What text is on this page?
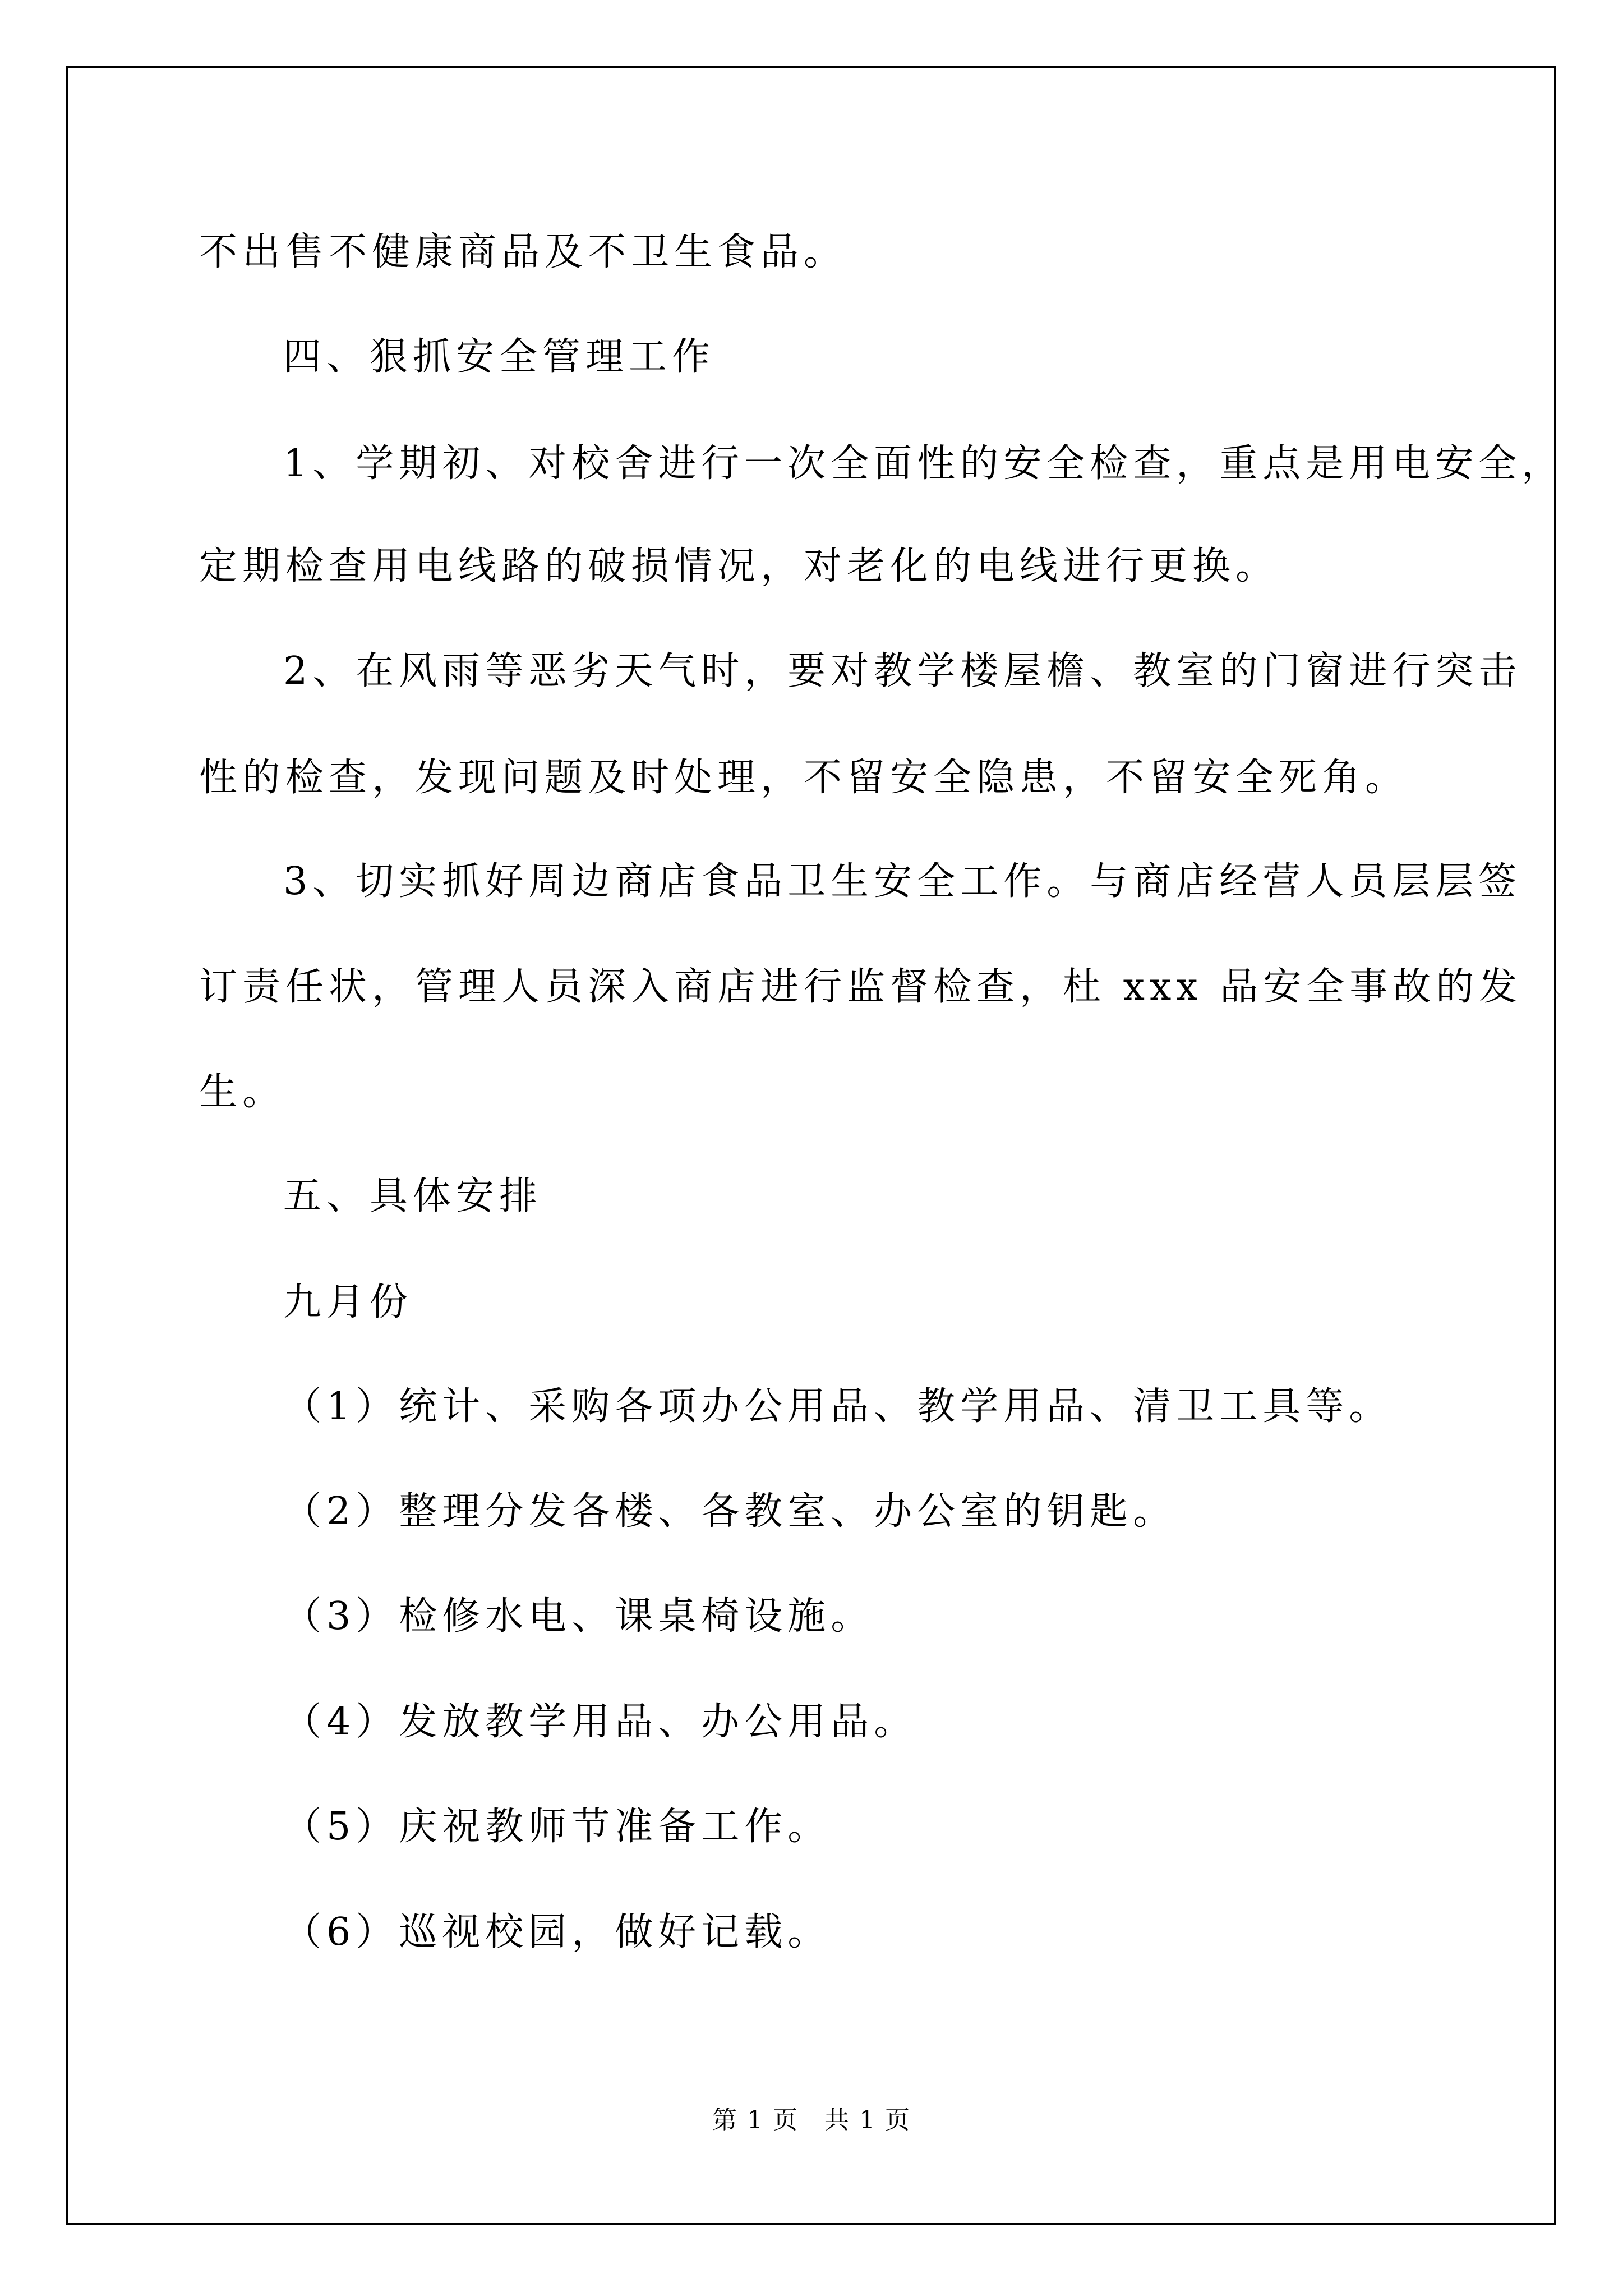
不出售不健康商品及不卫生食品。
四、狠抓安全管理工作
1、学期初、对校舍进行一次全面性的安全检查，重点是用电安全，
定期检查用电线路的破损情况，对老化的电线进行更换。
2、在风雨等恶劣天气时，要对教学楼屋檐、教室的门窗进行突击
性的检查，发现问题及时处理，不留安全隐患，不留安全死角。
3、切实抓好周边商店食品卫生安全工作。与商店经营人员层层签
订责任状，管理人员深入商店进行监督检查，杜 xxx 品安全事故的发
生。
五、具体安排
九月份
（1）统计、采购各项办公用品、教学用品、清卫工具等。
（2）整理分发各楼、各教室、办公室的钥匙。
（3）检修水电、课桌椅设施。
（4）发放教学用品、办公用品。
（5）庆祝教师节准备工作。
（6）巡视校园，做好记载。
第 1 页　共 1 页
